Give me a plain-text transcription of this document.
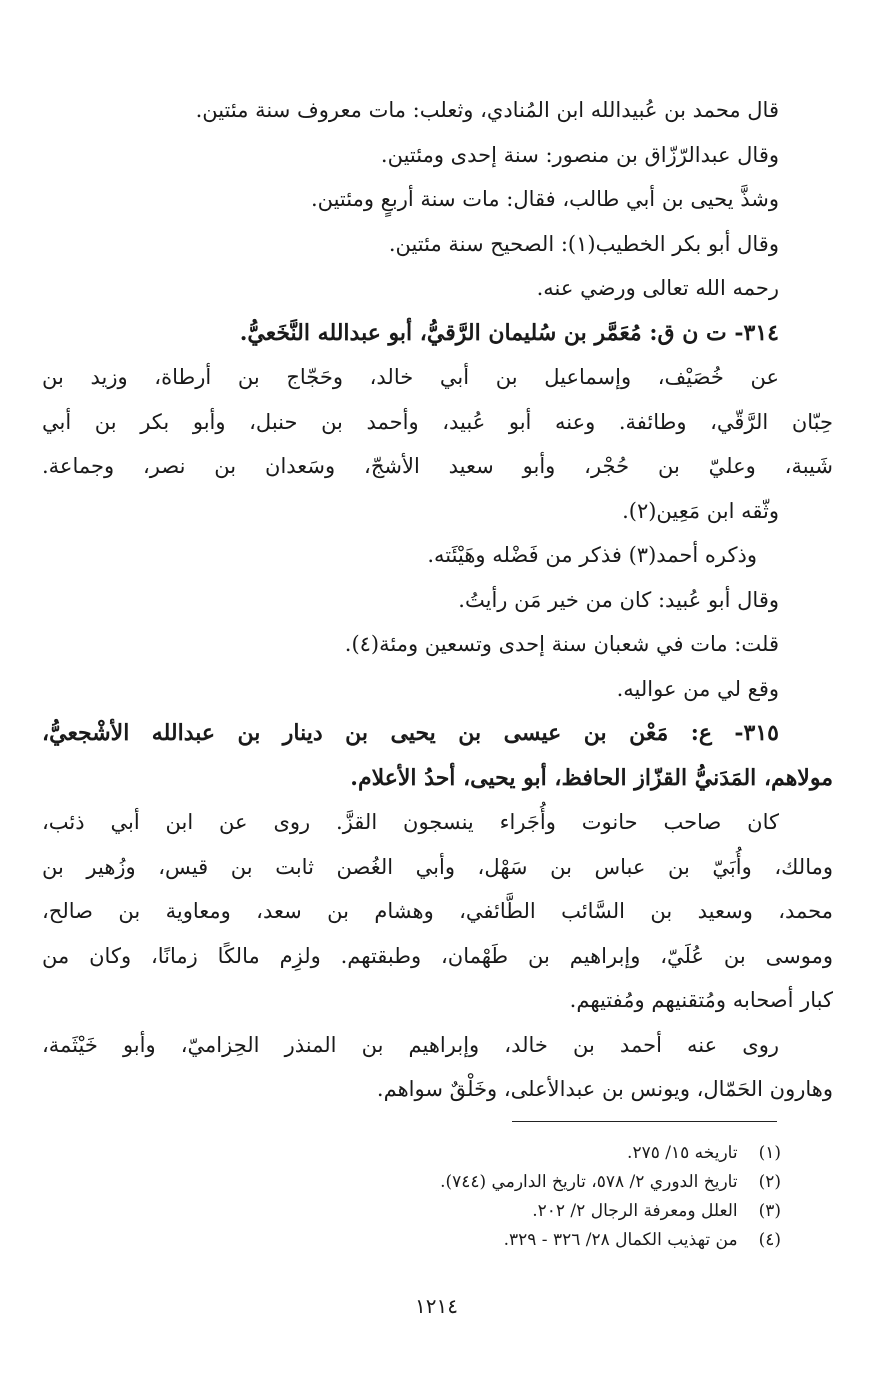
قال محمد بن عُبيدالله ابن المُنادي، وثعلب: مات معروف سنة مئتين.
وقال عبدالرّزّاق بن منصور: سنة إحدى ومئتين.
وشذَّ يحيى بن أبي طالب، فقال: مات سنة أربعٍ ومئتين.
وقال أبو بكر الخطيب(١): الصحيح سنة مئتين.
رحمه الله تعالى ورضي عنه.
٣١٤- ت ن ق: مُعَمَّر بن سُليمان الرَّقيُّ، أبو عبدالله النَّخَعيُّ.
عن خُصَيْف، وإسماعيل بن أبي خالد، وحَجّاج بن أرطاة، وزيد بن
حِبّان الرَّقّي، وطائفة. وعنه أبو عُبيد، وأحمد بن حنبل، وأبو بكر بن أبي
شَيبة، وعليّ بن حُجْر، وأبو سعيد الأشجّ، وسَعدان بن نصر، وجماعة.
وثّقه ابن مَعِين(٢).
وذكره أحمد(٣) فذكر من فَضْله وهَيْئَته.
وقال أبو عُبيد: كان من خير مَن رأيتُ.
قلت: مات في شعبان سنة إحدى وتسعين ومئة(٤).
وقع لي من عواليه.
٣١٥- ع: مَعْن بن عيسى بن يحيى بن دينار بن عبدالله الأشْجعيُّ،
مولاهم، المَدَنيُّ القزّاز الحافظ، أبو يحيى، أحدُ الأعلام.
كان صاحب حانوت وأُجَراء ينسجون القزَّ. روى عن ابن أبي ذئب،
ومالك، وأُبَيّ بن عباس بن سَهْل، وأبي الغُصن ثابت بن قيس، وزُهير بن
محمد، وسعيد بن السَّائب الطَّائفي، وهشام بن سعد، ومعاوية بن صالح،
وموسى بن عُلَيّ، وإبراهيم بن طَهْمان، وطبقتهم. ولزِم مالكًا زمانًا، وكان من
كبار أصحابه ومُتقنيهم ومُفتيهم.
روى عنه أحمد بن خالد، وإبراهيم بن المنذر الحِزاميّ، وأبو خَيْثَمة،
وهارون الحَمّال، ويونس بن عبدالأعلى، وخَلْقٌ سواهم.
(١) تاريخه ١٥/ ٢٧٥.
(٢) تاريخ الدوري ٢/ ٥٧٨، تاريخ الدارمي (٧٤٤).
(٣) العلل ومعرفة الرجال ٢/ ٢٠٢.
(٤) من تهذيب الكمال ٢٨/ ٣٢٦ - ٣٢٩.
١٢١٤
